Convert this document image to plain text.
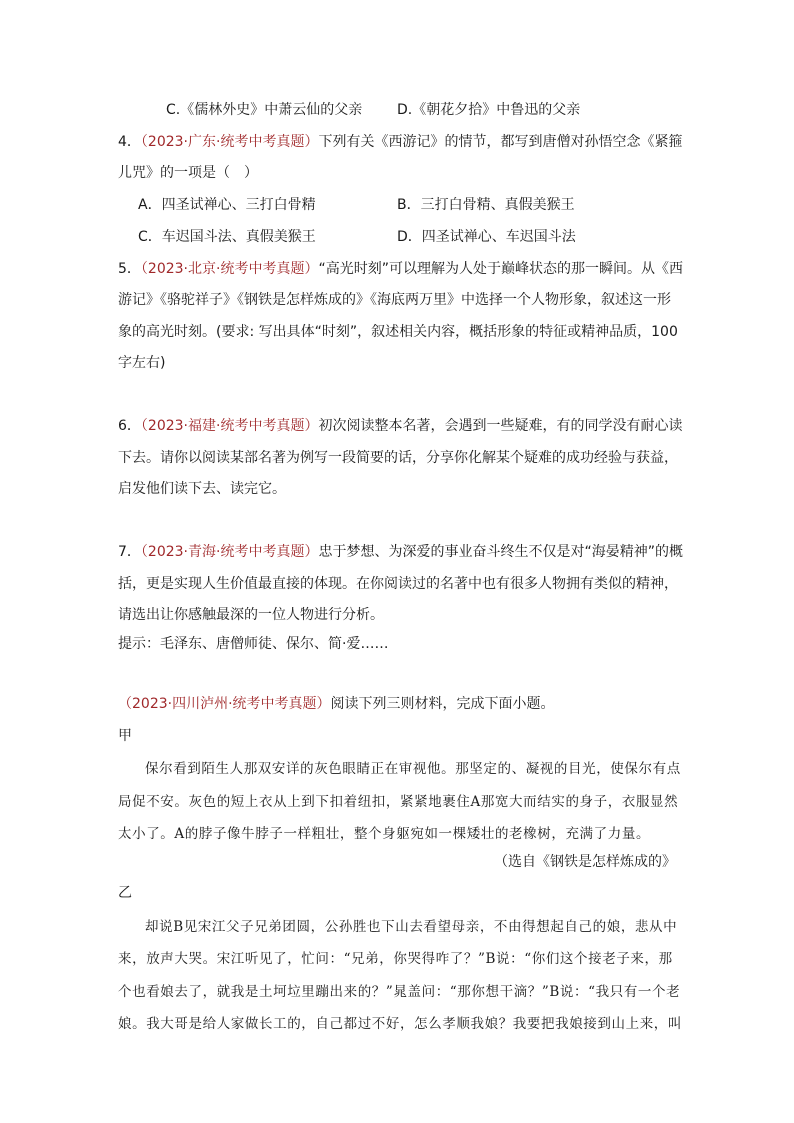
C.《儒林外史》中萧云仙的父亲 D.《朝花夕拾》中鲁迅的父亲
4．（2023·广东·统考中考真题）下列有关《西游记》的情节，都写到唐僧对孙悟空念《紧箍
儿咒》的一项是（　）
A．四圣试禅心、三打白骨精	B．三打白骨精、真假美猴王
C．车迟国斗法、真假美猴王	D．四圣试禅心、车迟国斗法
5．（2023·北京·统考中考真题）“高光时刻”可以理解为人处于巅峰状态的那一瞬间。从《西
游记》《骆驼祥子》《钢铁是怎样炼成的》《海底两万里》中选择一个人物形象，叙述这一形
象的高光时刻。(要求: 写出具体“时刻”，叙述相关内容，概括形象的特征或精神品质，100
字左右)
6．（2023·福建·统考中考真题）初次阅读整本名著，会遇到一些疑难，有的同学没有耐心读
下去。请你以阅读某部名著为例写一段简要的话，分享你化解某个疑难的成功经验与获益，
启发他们读下去、读完它。
7．（2023·青海·统考中考真题）忠于梦想、为深爱的事业奋斗终生不仅是对“海晏精神”的概
括，更是实现人生价值最直接的体现。在你阅读过的名著中也有很多人物拥有类似的精神，
请选出让你感触最深的一位人物进行分析。
提示：毛泽东、唐僧师徒、保尔、简·爱……
（2023·四川泸州·统考中考真题）阅读下列三则材料，完成下面小题。
甲
保尔看到陌生人那双安详的灰色眼睛正在审视他。那坚定的、凝视的目光，使保尔有点
局促不安。灰色的短上衣从上到下扣着纽扣，紧紧地裹住A那宽大而结实的身子，衣服显然
太小了。A的脖子像牛脖子一样粗壮，整个身躯宛如一棵矮壮的老橡树，充满了力量。
（选自《钢铁是怎样炼成的》
乙
却说B见宋江父子兄弟团圆，公孙胜也下山去看望母亲，不由得想起自己的娘，悲从中
来，放声大哭。宋江听见了，忙问：“兄弟，你哭得咋了？”B说：“你们这个接老子来，那
个也看娘去了，就我是土坷垃里蹦出来的？”晁盖问：“那你想干滴？”B说：“我只有一个老
娘。我大哥是给人家做长工的，自己都过不好，怎么孝顺我娘？我要把我娘接到山上来，叫
